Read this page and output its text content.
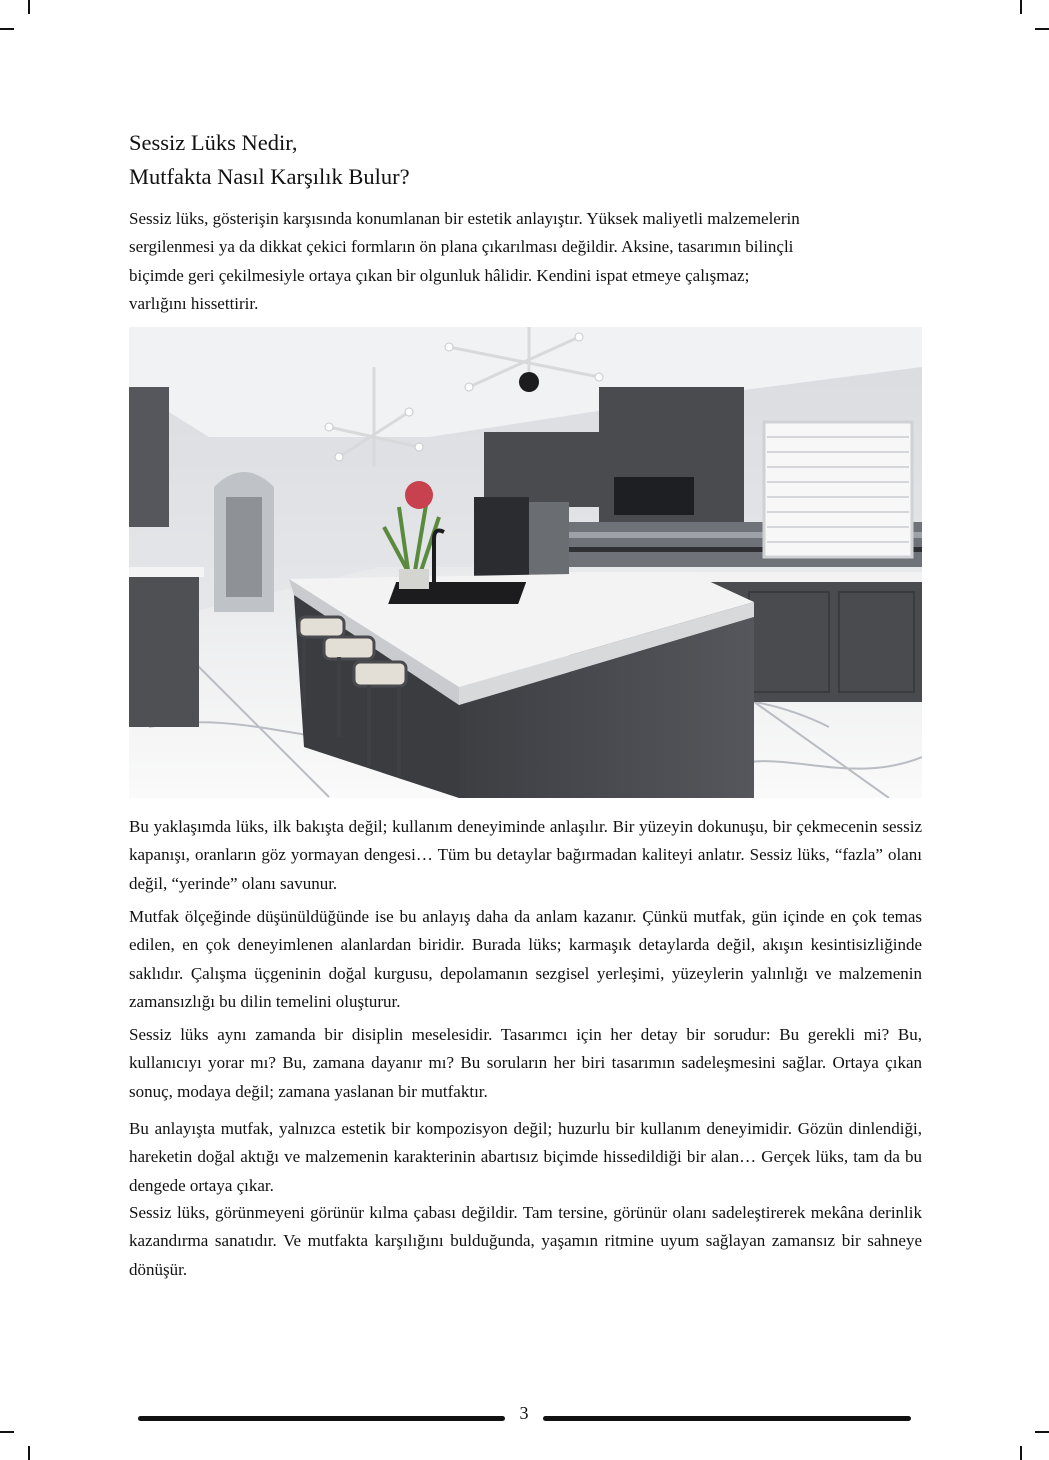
Sessiz Lüks Nedir,
Mutfakta Nasıl Karşılık Bulur?
Sessiz lüks, gösterişin karşısında konumlanan bir estetik anlayıştır. Yüksek maliyetli malzemelerin
sergilenmesi ya da dikkat çekici formların ön plana çıkarılması değildir. Aksine, tasarımın bilinçli
biçimde geri çekilmesiyle ortaya çıkan bir olgunluk hâlidir. Kendini ispat etmeye çalışmaz;
varlığını hissettirir.
Bu yaklaşımda lüks, ilk bakışta değil; kullanım deneyiminde anlaşılır. Bir yüzeyin dokunuşu, bir çekmecenin sessiz kapanışı, oranların göz yormayan dengesi… Tüm bu detaylar bağırmadan kaliteyi anlatır. Sessiz lüks, “fazla” olanı değil, “yerinde” olanı savunur.
Mutfak ölçeğinde düşünüldüğünde ise bu anlayış daha da anlam kazanır. Çünkü mutfak, gün içinde en çok temas edilen, en çok deneyimlenen alanlardan biridir. Burada lüks; karmaşık detaylarda değil, akışın kesintisizliğinde saklıdır. Çalışma üçgeninin doğal kurgusu, depolamanın sezgisel yerleşimi, yüzeylerin yalınlığı ve malzemenin zamansızlığı bu dilin temelini oluşturur.
Sessiz lüks aynı zamanda bir disiplin meselesidir. Tasarımcı için her detay bir sorudur: Bu gerekli mi? Bu, kullanıcıyı yorar mı? Bu, zamana dayanır mı? Bu soruların her biri tasarımın sadeleşmesini sağlar. Ortaya çıkan sonuç, modaya değil; zamana yaslanan bir mutfaktır.
Bu anlayışta mutfak, yalnızca estetik bir kompozisyon değil; huzurlu bir kullanım deneyimidir. Gözün dinlendiği, hareketin doğal aktığı ve malzemenin karakterinin abartısız biçimde hissedildiği bir alan… Gerçek lüks, tam da bu dengede ortaya çıkar.
Sessiz lüks, görünmeyeni görünür kılma çabası değildir. Tam tersine, görünür olanı sadeleştirerek mekâna derinlik kazandırma sanatıdır. Ve mutfakta karşılığını bulduğunda, yaşamın ritmine uyum sağlayan zamansız bir sahneye dönüşür.
3
